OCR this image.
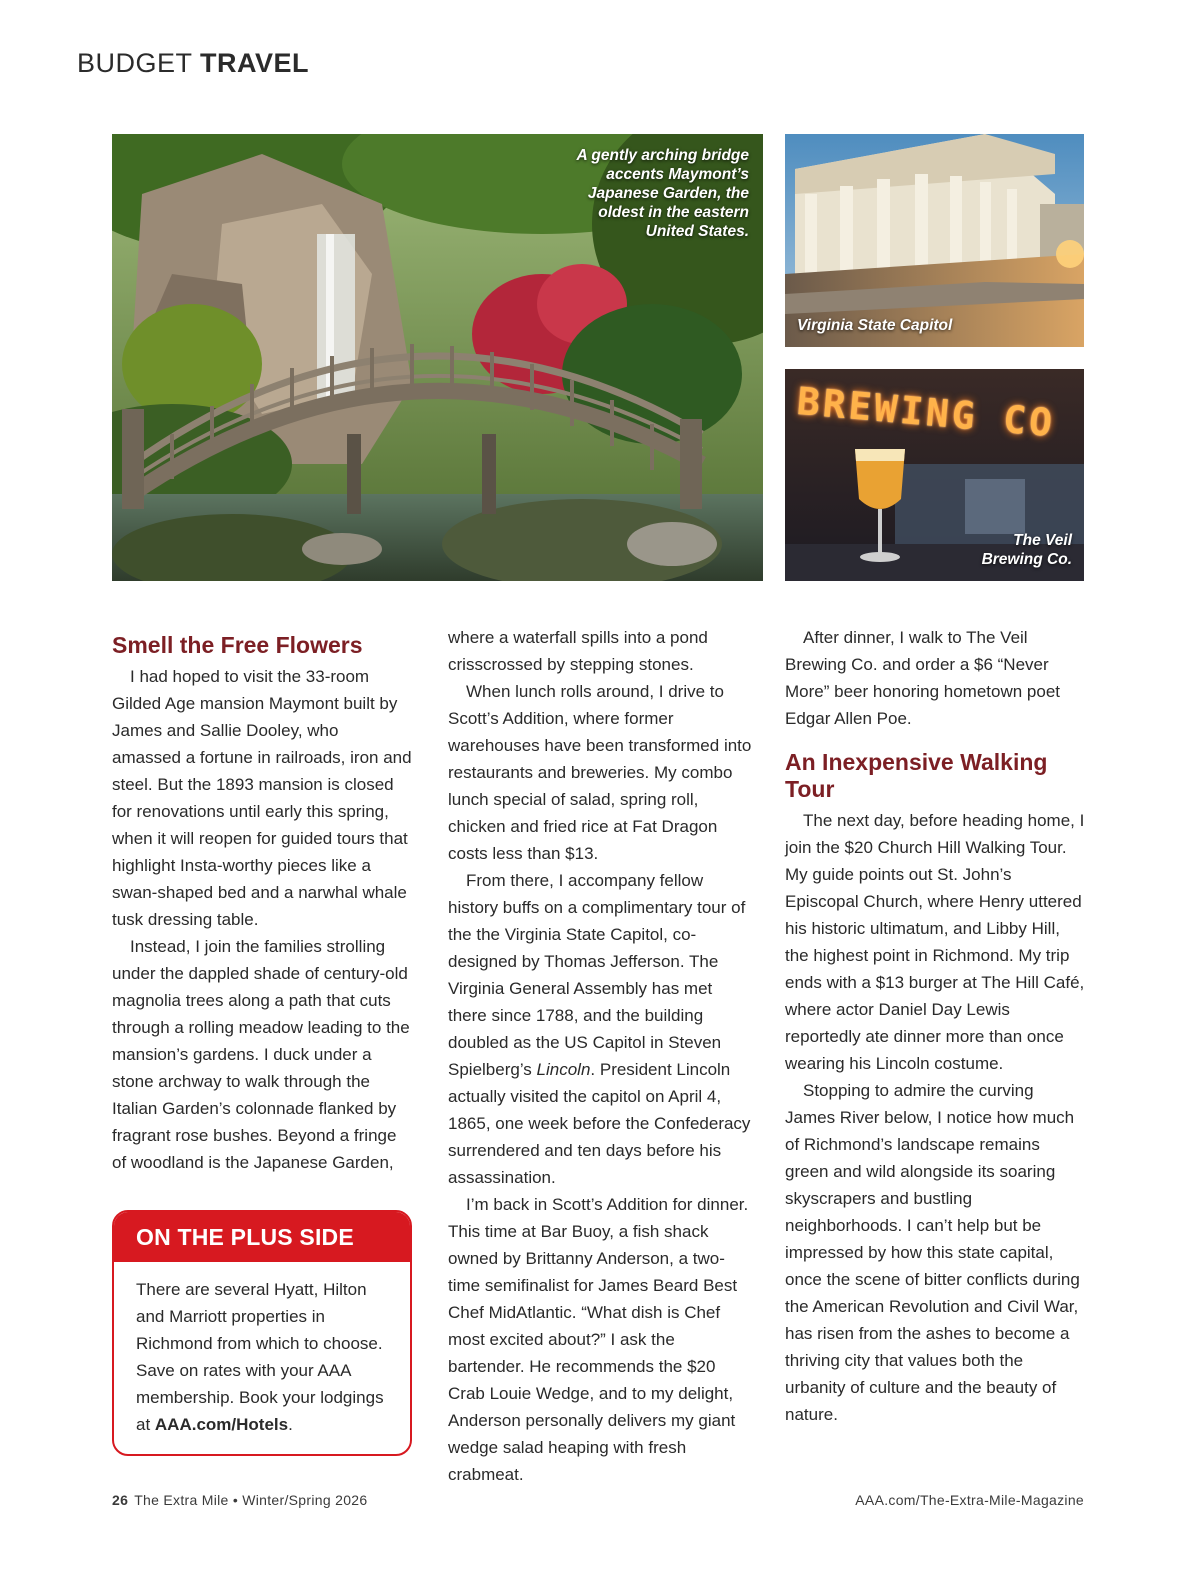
BUDGET TRAVEL
A gently arching bridge accents Maymont’s Japanese Garden, the oldest in the eastern United States.
Virginia State Capitol
BREWING CO
The Veil Brewing Co.
Smell the Free Flowers

I had hoped to visit the 33-room Gilded Age mansion Maymont built by James and Sallie Dooley, who amassed a fortune in railroads, iron and steel. But the 1893 mansion is closed for renovations until early this spring, when it will reopen for guided tours that highlight Insta-worthy pieces like a swan-shaped bed and a narwhal whale tusk dressing table.

Instead, I join the families strolling under the dappled shade of century-old magnolia trees along a path that cuts through a rolling meadow leading to the mansion’s gardens. I duck under a stone archway to walk through the Italian Garden’s colonnade flanked by fragrant rose bushes. Beyond a fringe of woodland is the Japanese Garden,

ON THE PLUS SIDE
There are several Hyatt, Hilton and Marriott properties in Richmond from which to choose. Save on rates with your AAA membership. Book your lodgings at AAA.com/Hotels.

where a waterfall spills into a pond crisscrossed by stepping stones.

When lunch rolls around, I drive to Scott’s Addition, where former warehouses have been transformed into restaurants and breweries. My combo lunch special of salad, spring roll, chicken and fried rice at Fat Dragon costs less than $13.

From there, I accompany fellow history buffs on a complimentary tour of the the Virginia State Capitol, co-designed by Thomas Jefferson. The Virginia General Assembly has met there since 1788, and the building doubled as the US Capitol in Steven Spielberg’s Lincoln. President Lincoln actually visited the capitol on April 4, 1865, one week before the Confederacy surrendered and ten days before his assassination.

I’m back in Scott’s Addition for dinner. This time at Bar Buoy, a fish shack owned by Brittanny Anderson, a two-time semifinalist for James Beard Best Chef MidAtlantic. “What dish is Chef most excited about?” I ask the bartender. He recommends the $20 Crab Louie Wedge, and to my delight, Anderson personally delivers my giant wedge salad heaping with fresh crabmeat.

After dinner, I walk to The Veil Brewing Co. and order a $6 “Never More” beer honoring hometown poet Edgar Allen Poe.

An Inexpensive Walking Tour

The next day, before heading home, I join the $20 Church Hill Walking Tour. My guide points out St. John’s Episcopal Church, where Henry uttered his historic ultimatum, and Libby Hill, the highest point in Richmond. My trip ends with a $13 burger at The Hill Café, where actor Daniel Day Lewis reportedly ate dinner more than once wearing his Lincoln costume.

Stopping to admire the curving James River below, I notice how much of Richmond’s landscape remains green and wild alongside its soaring skyscrapers and bustling neighborhoods. I can’t help but be impressed by how this state capital, once the scene of bitter conflicts during the American Revolution and Civil War, has risen from the ashes to become a thriving city that values both the urbanity of culture and the beauty of nature.

26 The Extra Mile • Winter/Spring 2026	AAA.com/The-Extra-Mile-Magazine
